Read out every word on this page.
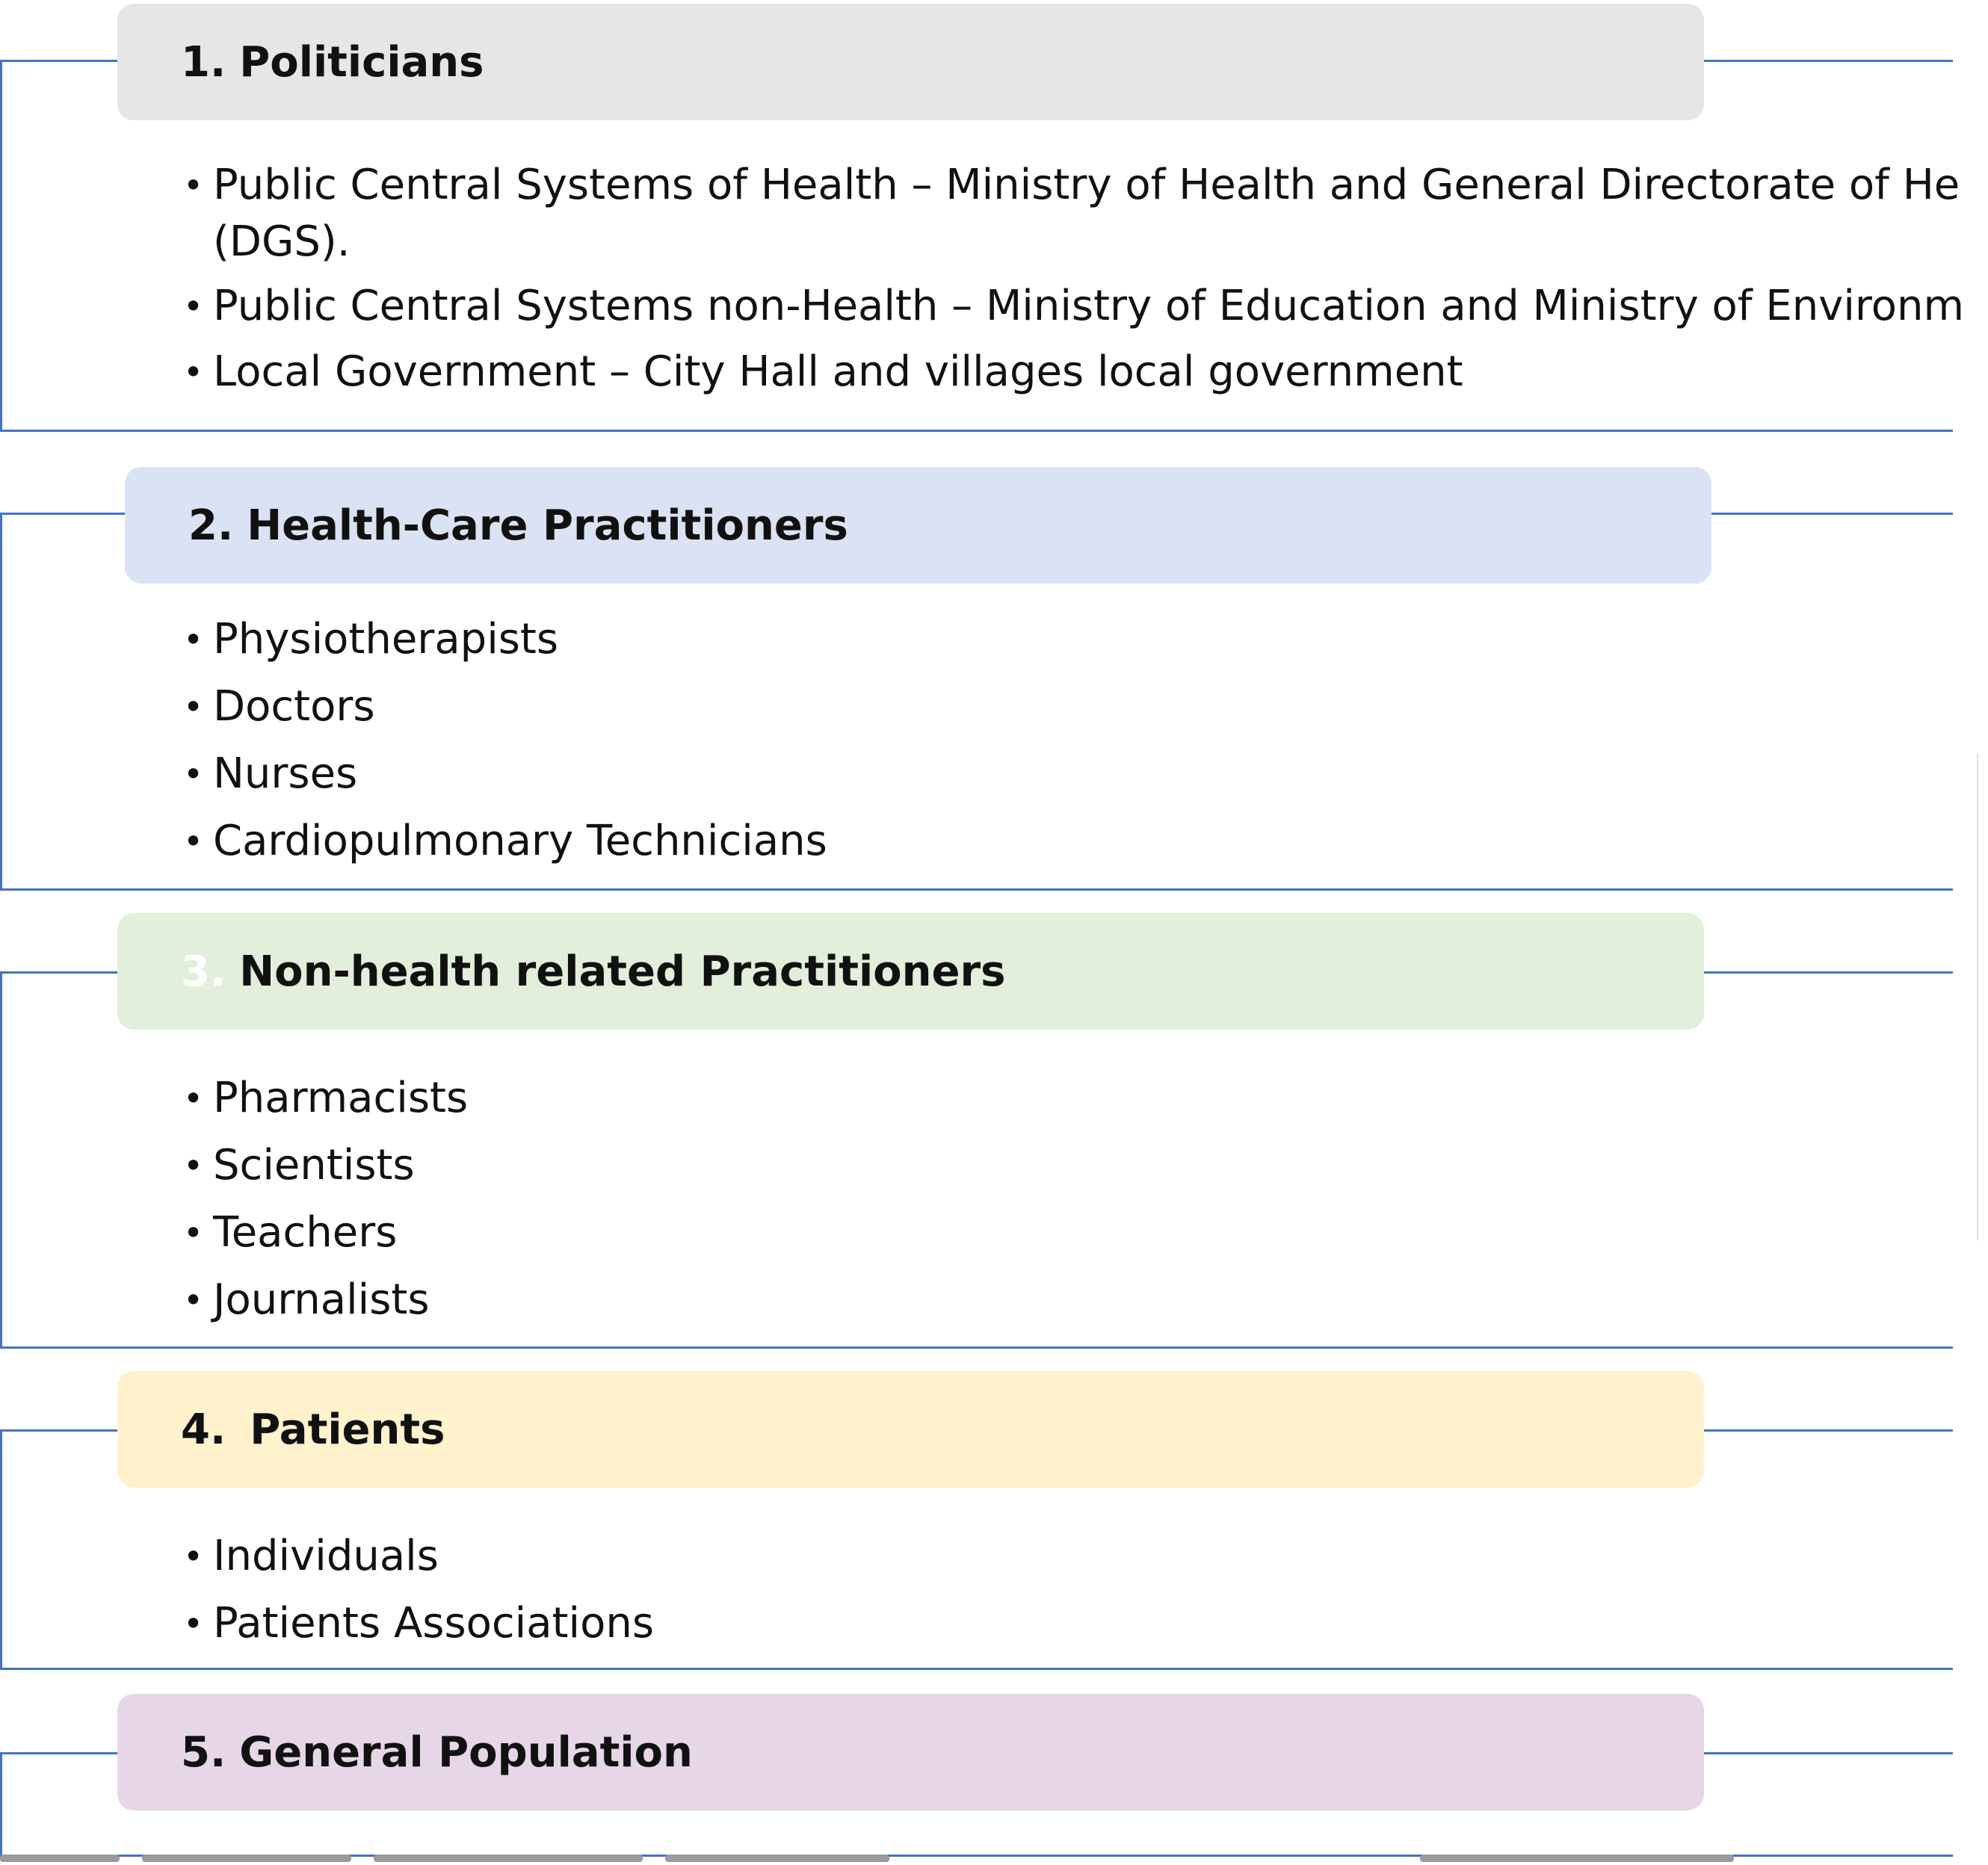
1. Politicians
• Public Central Systems of Health – Ministry of Health and General Directorate of He (DGS).
• Public Central Systems non-Health – Ministry of Education and Ministry of Environm
• Local Government – City Hall and villages local government
2. Health-Care Practitioners
• Physiotherapists
• Doctors
• Nurses
• Cardiopulmonary Technicians
3. Non-health related Practitioners
• Pharmacists
• Scientists
• Teachers
• Journalists
4. Patients
• Individuals
• Patients Associations
5. General Population
